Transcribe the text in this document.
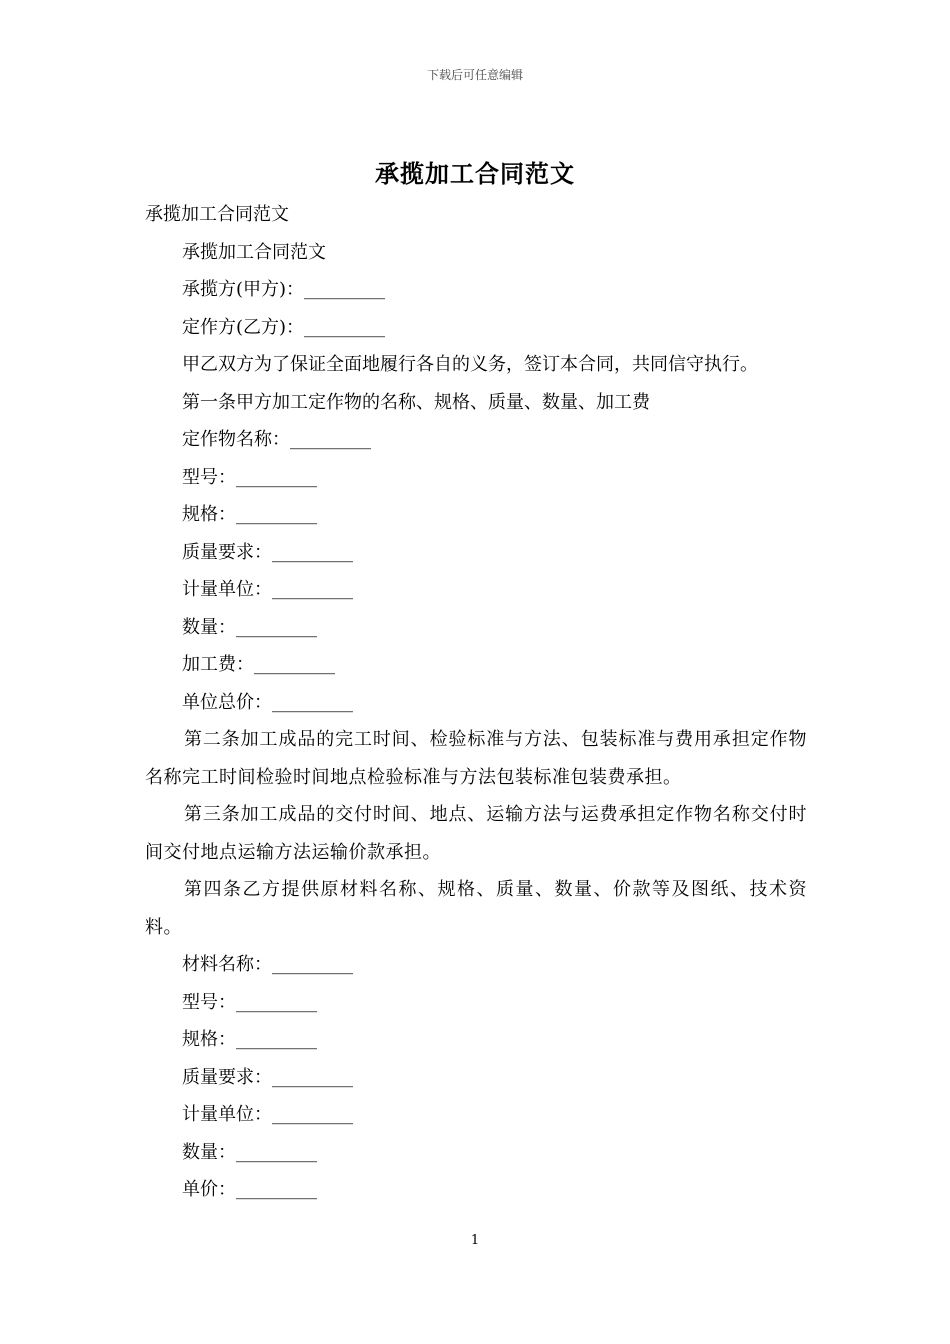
下载后可任意编辑
承揽加工合同范文

承揽加工合同范文

承揽加工合同范文

承揽方(甲方)：_________

定作方(乙方)：_________

甲乙双方为了保证全面地履行各自的义务，签订本合同，共同信守执行。

第一条甲方加工定作物的名称、规格、质量、数量、加工费

定作物名称：_________

型号：_________

规格：_________

质量要求：_________

计量单位：_________

数量：_________

加工费：_________

单位总价：_________

第二条加工成品的完工时间、检验标准与方法、包装标准与费用承担定作物名称完工时间检验时间地点检验标准与方法包装标准包装费承担。

第三条加工成品的交付时间、地点、运输方法与运费承担定作物名称交付时间交付地点运输方法运输价款承担。

第四条乙方提供原材料名称、规格、质量、数量、价款等及图纸、技术资料。

材料名称：_________

型号：_________

规格：_________

质量要求：_________

计量单位：_________

数量：_________

单价：_________

1
